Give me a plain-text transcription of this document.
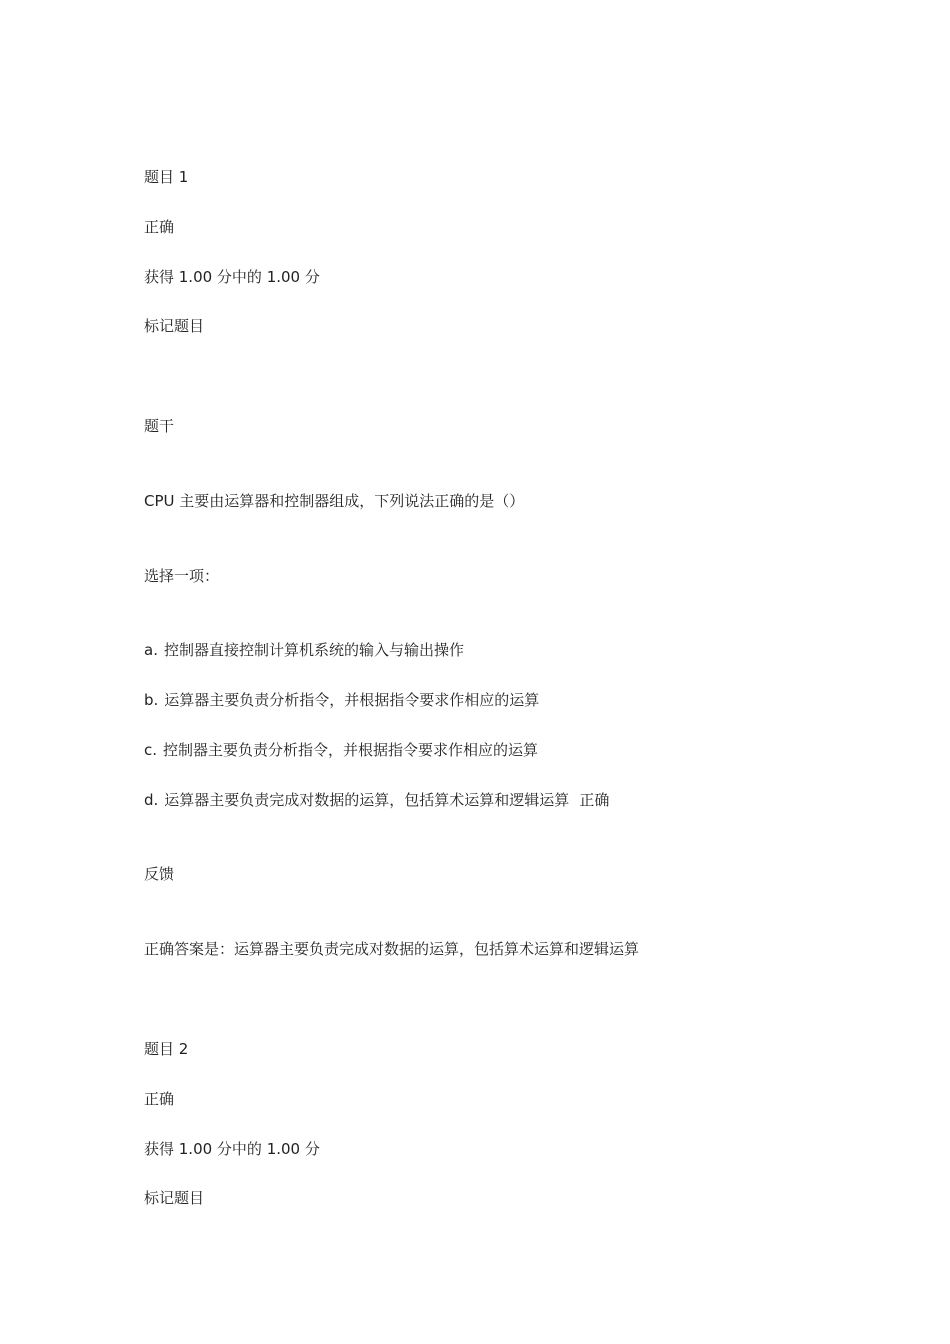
题目 1
正确
获得 1.00 分中的 1.00 分
标记题目
题干
CPU 主要由运算器和控制器组成，下列说法正确的是（）
选择一项：
a. 控制器直接控制计算机系统的输入与输出操作
b. 运算器主要负责分析指令，并根据指令要求作相应的运算
c. 控制器主要负责分析指令，并根据指令要求作相应的运算
d. 运算器主要负责完成对数据的运算，包括算术运算和逻辑运算 正确
反馈
正确答案是：运算器主要负责完成对数据的运算，包括算术运算和逻辑运算
题目 2
正确
获得 1.00 分中的 1.00 分
标记题目
